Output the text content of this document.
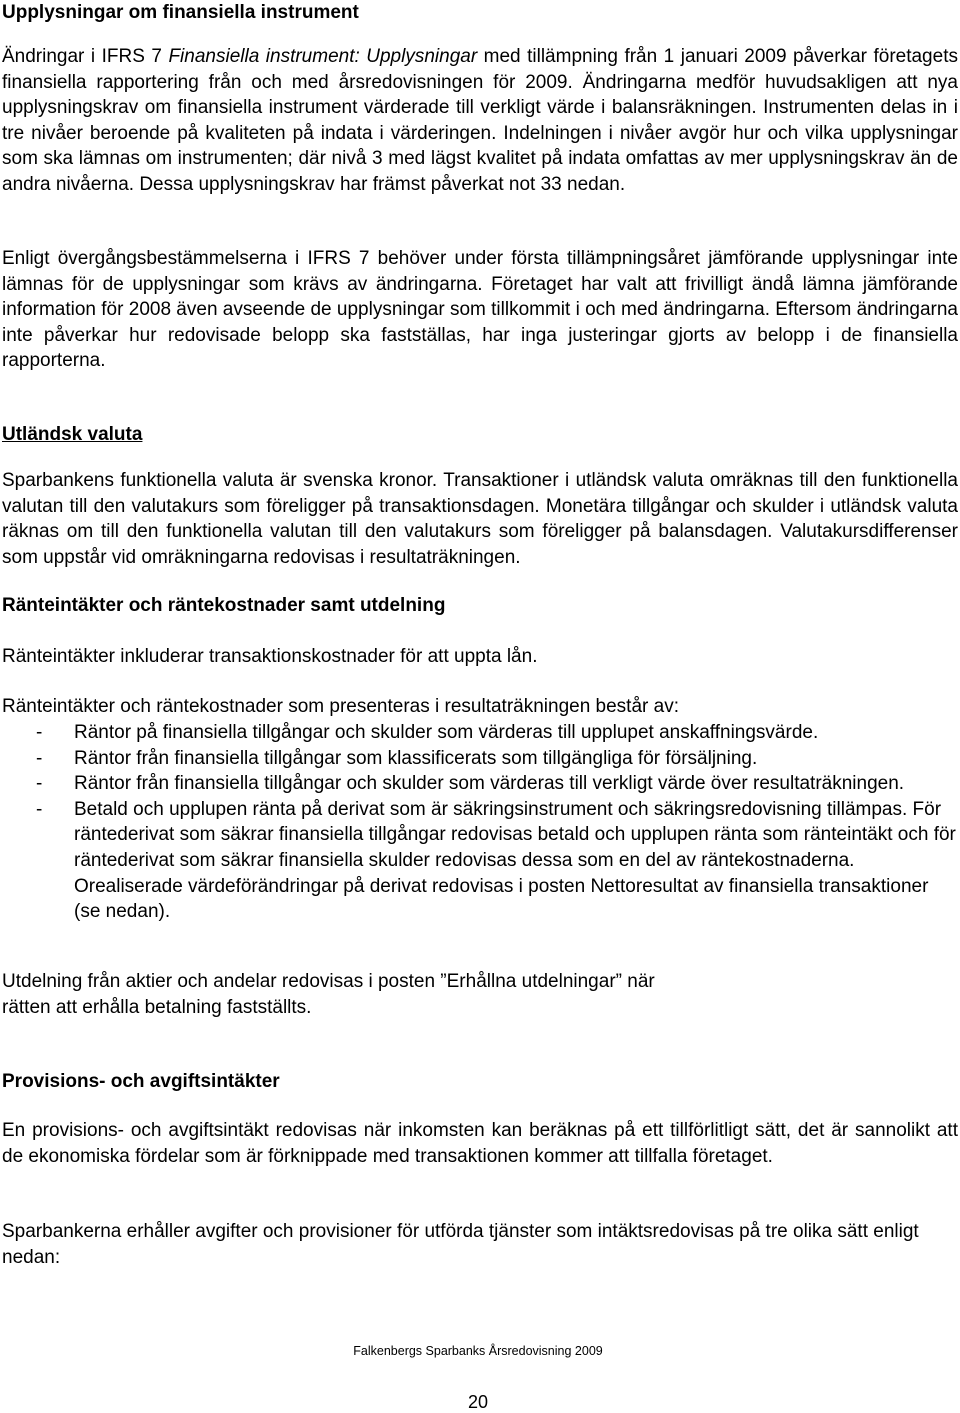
Upplysningar om finansiella instrument
Ändringar i IFRS 7 Finansiella instrument: Upplysningar med tillämpning från 1 januari 2009 påverkar företagets finansiella rapportering från och med årsredovisningen för 2009. Ändringarna medför huvudsakligen att nya upplysningskrav om finansiella instrument värderade till verkligt värde i balansräkningen. Instrumenten delas in i tre nivåer beroende på kvaliteten på indata i värderingen. Indelningen i nivåer avgör hur och vilka upplysningar som ska lämnas om instrumenten; där nivå 3 med lägst kvalitet på indata omfattas av mer upplysningskrav än de andra nivåerna. Dessa upplysningskrav har främst påverkat not 33 nedan.
Enligt övergångsbestämmelserna i IFRS 7 behöver under första tillämpningsåret jämförande upplysningar inte lämnas för de upplysningar som krävs av ändringarna. Företaget har valt att frivilligt ändå lämna jämförande information för 2008 även avseende de upplysningar som tillkommit i och med ändringarna. Eftersom ändringarna inte påverkar hur redovisade belopp ska fastställas, har inga justeringar gjorts av belopp i de finansiella rapporterna.
Utländsk valuta
Sparbankens funktionella valuta är svenska kronor. Transaktioner i utländsk valuta omräknas till den funktionella valutan till den valutakurs som föreligger på transaktionsdagen. Monetära tillgångar och skulder i utländsk valuta räknas om till den funktionella valutan till den valutakurs som föreligger på balansdagen. Valutakursdifferenser som uppstår vid omräkningarna redovisas i resultaträkningen.
Ränteintäkter och räntekostnader samt utdelning
Ränteintäkter inkluderar transaktionskostnader för att uppta lån.
Ränteintäkter och räntekostnader som presenteras i resultaträkningen består av:
- Räntor på finansiella tillgångar och skulder som värderas till upplupet anskaffningsvärde.
- Räntor från finansiella tillgångar som klassificerats som tillgängliga för försäljning.
- Räntor från finansiella tillgångar och skulder som värderas till verkligt värde över resultaträkningen.
- Betald och upplupen ränta på derivat som är säkringsinstrument och säkringsredovisning tillämpas. För räntederivat som säkrar finansiella tillgångar redovisas betald och upplupen ränta som ränteintäkt och för räntederivat som säkrar finansiella skulder redovisas dessa som en del av räntekostnaderna. Orealiserade värdeförändringar på derivat redovisas i posten Nettoresultat av finansiella transaktioner (se nedan).
Utdelning från aktier och andelar redovisas i posten ”Erhållna utdelningar” när rätten att erhålla betalning fastställts.
Provisions- och avgiftsintäkter
En provisions- och avgiftsintäkt redovisas när inkomsten kan beräknas på ett tillförlitligt sätt, det är sannolikt att de ekonomiska fördelar som är förknippade med transaktionen kommer att tillfalla företaget.
Sparbankerna erhåller avgifter och provisioner för utförda tjänster som intäktsredovisas på tre olika sätt enligt nedan:
Falkenbergs Sparbanks Årsredovisning 2009
20
